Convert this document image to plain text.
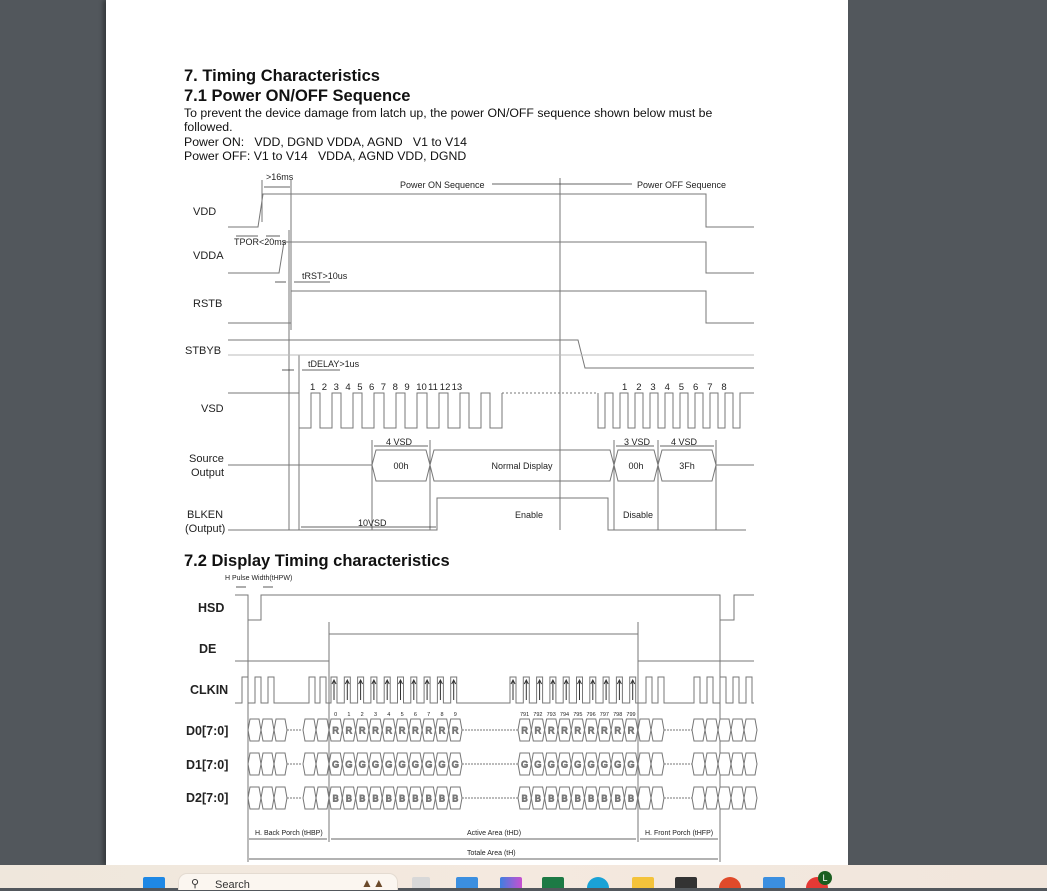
7. Timing Characteristics
7.1 Power ON/OFF Sequence
To prevent the device damage from latch up, the power ON/OFF sequence shown below must be
followed.
Power ON:   VDD, DGND VDDA, AGND   V1 to V14
Power OFF: V1 to V14   VDDA, AGND VDD, DGND
7.2 Display Timing characteristics
VDD
VDDA
RSTB
STBYB
VSD
Source
Output
BLKEN
(Output)
>16ms
TPOR<20ms
tRST>10us
tDELAY>1us
Power ON Sequence	Power OFF Sequence
4 VSD	3 VSD 4 VSD
10VSD
Enable	Disable
00h	Normal Display	00h	3Fh
1 2 3 4 5 6 7 8 9 10 11 12 13	1 2 3 4 5 6 7 8
R R R R R R R R R R	R R R R R R R R R
G G G G G G G G G G	G G G G G G G G G
B B B B B B B B B B	B B B B B B B B B
HSD
DE
CLKIN
D0[7:0]
D1[7:0]
D2[7:0]
H Pulse Width(tHPW)
H. Back Porch (tHBP)	Active Area (tHD)	H. Front Porch (tHFP)
Totale Area (tH)
0 1 2 3 4 5 6 7 8 9	791 792 793 794 795 796 797 798 799
⚲ Search	▲▲	L
